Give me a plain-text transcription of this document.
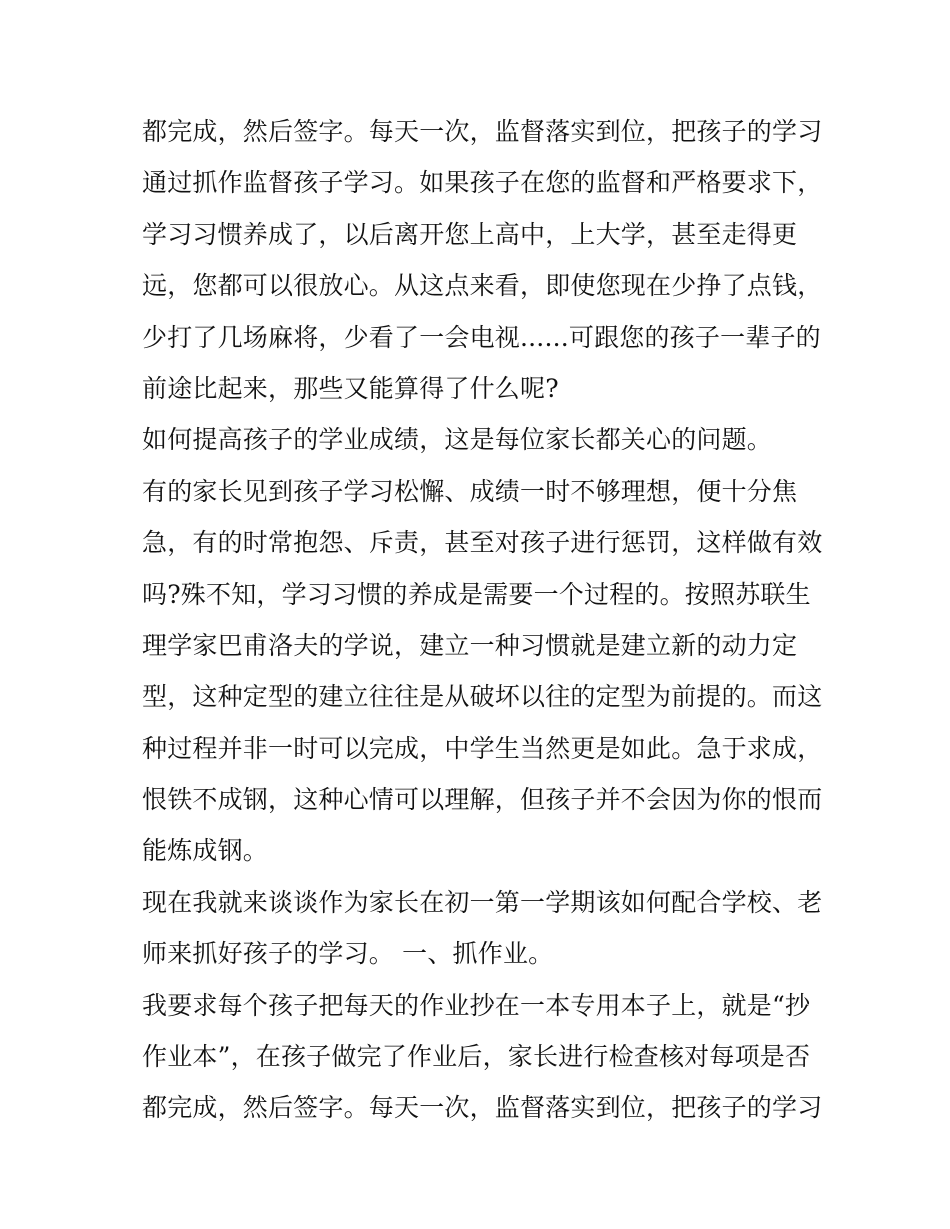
都完成，然后签字。每天一次，监督落实到位，把孩子的学习
通过抓作监督孩子学习。如果孩子在您的监督和严格要求下，
学习习惯养成了，以后离开您上高中，上大学，甚至走得更
远，您都可以很放心。从这点来看，即使您现在少挣了点钱，
少打了几场麻将，少看了一会电视......可跟您的孩子一辈子的
前途比起来，那些又能算得了什么呢?
如何提高孩子的学业成绩，这是每位家长都关心的问题。
有的家长见到孩子学习松懈、成绩一时不够理想，便十分焦
急，有的时常抱怨、斥责，甚至对孩子进行惩罚，这样做有效
吗?殊不知，学习习惯的养成是需要一个过程的。按照苏联生
理学家巴甫洛夫的学说，建立一种习惯就是建立新的动力定
型，这种定型的建立往往是从破坏以往的定型为前提的。而这
种过程并非一时可以完成，中学生当然更是如此。急于求成，
恨铁不成钢，这种心情可以理解，但孩子并不会因为你的恨而
能炼成钢。
现在我就来谈谈作为家长在初一第一学期该如何配合学校、老
师来抓好孩子的学习。 一、抓作业。
我要求每个孩子把每天的作业抄在一本专用本子上，就是“抄
作业本”，在孩子做完了作业后，家长进行检查核对每项是否
都完成，然后签字。每天一次，监督落实到位，把孩子的学习
